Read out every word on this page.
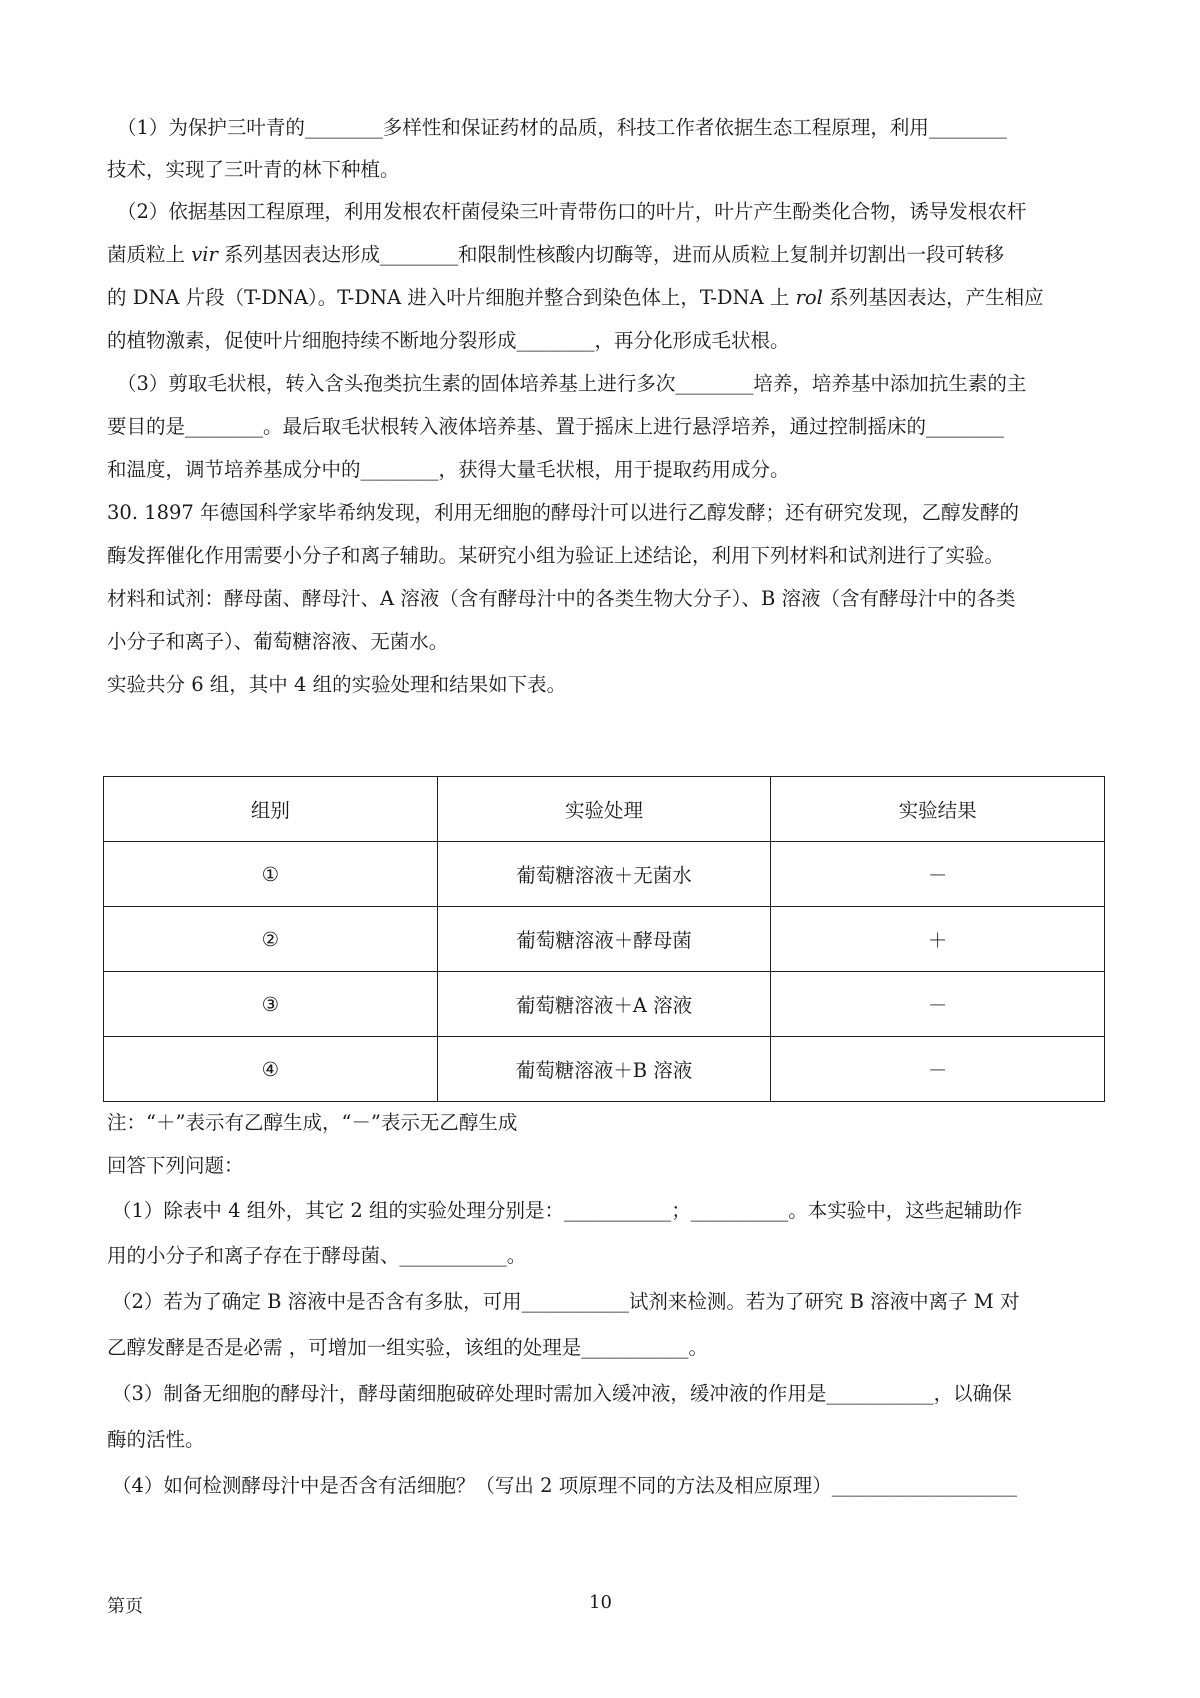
（1）为保护三叶青的________多样性和保证药材的品质，科技工作者依据生态工程原理，利用________
技术，实现了三叶青的林下种植。
（2）依据基因工程原理，利用发根农杆菌侵染三叶青带伤口的叶片，叶片产生酚类化合物，诱导发根农杆
菌质粒上 vir 系列基因表达形成________和限制性核酸内切酶等，进而从质粒上复制并切割出一段可转移
的 DNA 片段（T-DNA）。T-DNA 进入叶片细胞并整合到染色体上，T-DNA 上 rol 系列基因表达，产生相应
的植物激素，促使叶片细胞持续不断地分裂形成________，再分化形成毛状根。
（3）剪取毛状根，转入含头孢类抗生素的固体培养基上进行多次________培养，培养基中添加抗生素的主
要目的是________。最后取毛状根转入液体培养基、置于摇床上进行悬浮培养，通过控制摇床的________
和温度，调节培养基成分中的________，获得大量毛状根，用于提取药用成分。
30. 1897 年德国科学家毕希纳发现，利用无细胞的酵母汁可以进行乙醇发酵；还有研究发现，乙醇发酵的
酶发挥催化作用需要小分子和离子辅助。某研究小组为验证上述结论，利用下列材料和试剂进行了实验。
材料和试剂：酵母菌、酵母汁、A 溶液（含有酵母汁中的各类生物大分子）、B 溶液（含有酵母汁中的各类
小分子和离子）、葡萄糖溶液、无菌水。
实验共分 6 组，其中 4 组的实验处理和结果如下表。
组别	实验处理	实验结果
①	葡萄糖溶液＋无菌水	－
②	葡萄糖溶液＋酵母菌	＋
③	葡萄糖溶液＋A 溶液	－
④	葡萄糖溶液＋B 溶液	－
注：“＋”表示有乙醇生成，“－”表示无乙醇生成
回答下列问题：
（1）除表中 4 组外，其它 2 组的实验处理分别是：___________；__________。本实验中，这些起辅助作
用的小分子和离子存在于酵母菌、___________。
（2）若为了确定 B 溶液中是否含有多肽，可用___________试剂来检测。若为了研究 B 溶液中离子 M 对
乙醇发酵是否是必需 ，可增加一组实验，该组的处理是___________。
（3）制备无细胞的酵母汁，酵母菌细胞破碎处理时需加入缓冲液，缓冲液的作用是___________，以确保
酶的活性。
（4）如何检测酵母汁中是否含有活细胞？（写出 2 项原理不同的方法及相应原理）___________________
第页	10
